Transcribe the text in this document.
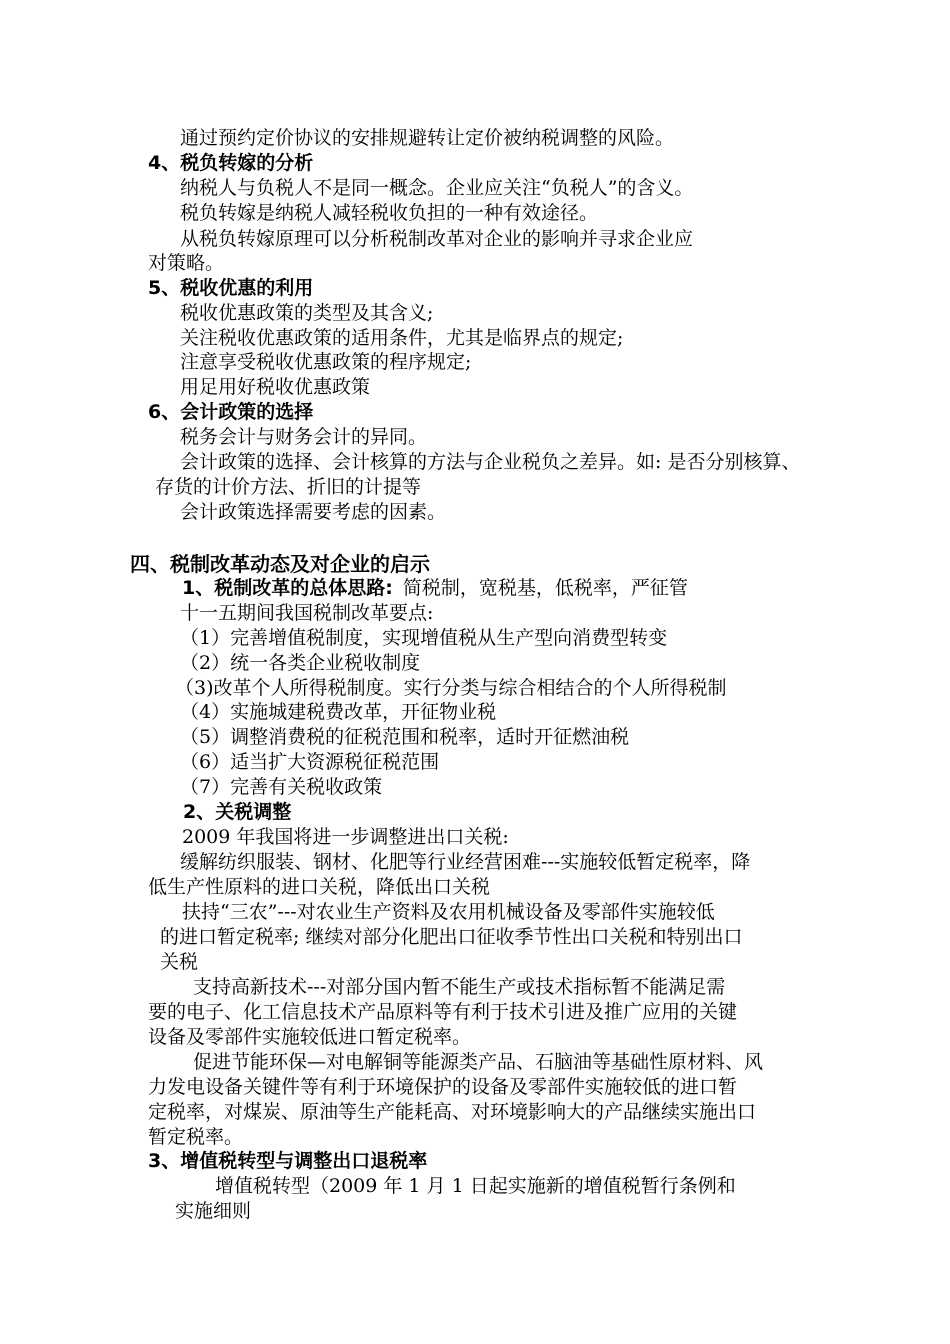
通过预约定价协议的安排规避转让定价被纳税调整的风险。
4、税负转嫁的分析
纳税人与负税人不是同一概念。企业应关注“负税人”的含义。
税负转嫁是纳税人减轻税收负担的一种有效途径。
从税负转嫁原理可以分析税制改革对企业的影响并寻求企业应
对策略。
5、税收优惠的利用
税收优惠政策的类型及其含义;
关注税收优惠政策的适用条件，尤其是临界点的规定;
注意享受税收优惠政策的程序规定;
用足用好税收优惠政策
6、会计政策的选择
税务会计与财务会计的异同。
会计政策的选择、会计核算的方法与企业税负之差异。如: 是否分别核算、
存货的计价方法、折旧的计提等
会计政策选择需要考虑的因素。
四、税制改革动态及对企业的启示
1、税制改革的总体思路: 简税制，宽税基，低税率，严征管
十一五期间我国税制改革要点:
（1）完善增值税制度，实现增值税从生产型向消费型转变
（2）统一各类企业税收制度
（3)改革个人所得税制度。实行分类与综合相结合的个人所得税制
（4）实施城建税费改革，开征物业税
（5）调整消费税的征税范围和税率，适时开征燃油税
（6）适当扩大资源税征税范围
（7）完善有关税收政策
2、关税调整
2009 年我国将进一步调整进出口关税:
缓解纺织服装、钢材、化肥等行业经营困难---实施较低暂定税率，降
低生产性原料的进口关税，降低出口关税
扶持“三农”---对农业生产资料及农用机械设备及零部件实施较低
的进口暂定税率; 继续对部分化肥出口征收季节性出口关税和特别出口
关税
支持高新技术---对部分国内暂不能生产或技术指标暂不能满足需
要的电子、化工信息技术产品原料等有利于技术引进及推广应用的关键
设备及零部件实施较低进口暂定税率。
促进节能环保—对电解铜等能源类产品、石脑油等基础性原材料、风
力发电设备关键件等有利于环境保护的设备及零部件实施较低的进口暂
定税率，对煤炭、原油等生产能耗高、对环境影响大的产品继续实施出口
暂定税率。
3、增值税转型与调整出口退税率
增值税转型（2009 年 1 月 1 日起实施新的增值税暂行条例和
实施细则
